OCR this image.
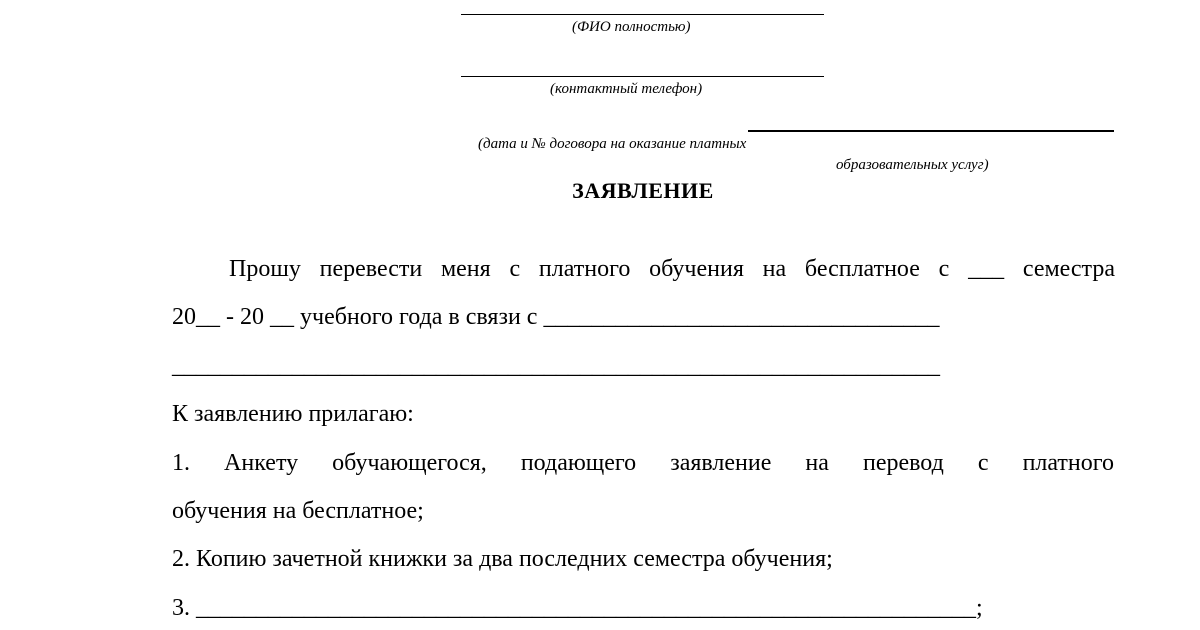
(ФИО полностью)
(контактный телефон)
(дата и № договора на оказание платных
образовательных услуг)
ЗАЯВЛЕНИЕ
Прошу перевести меня с платного обучения на бесплатное с ___ семестра
20__ - 20 __ учебного года в связи с _________________________________
________________________________________________________________
К заявлению прилагаю:
1. Анкету обучающегося, подающего заявление на перевод с платного
обучения на бесплатное;
2. Копию зачетной книжки за два последних семестра обучения;
3. _________________________________________________________________;
